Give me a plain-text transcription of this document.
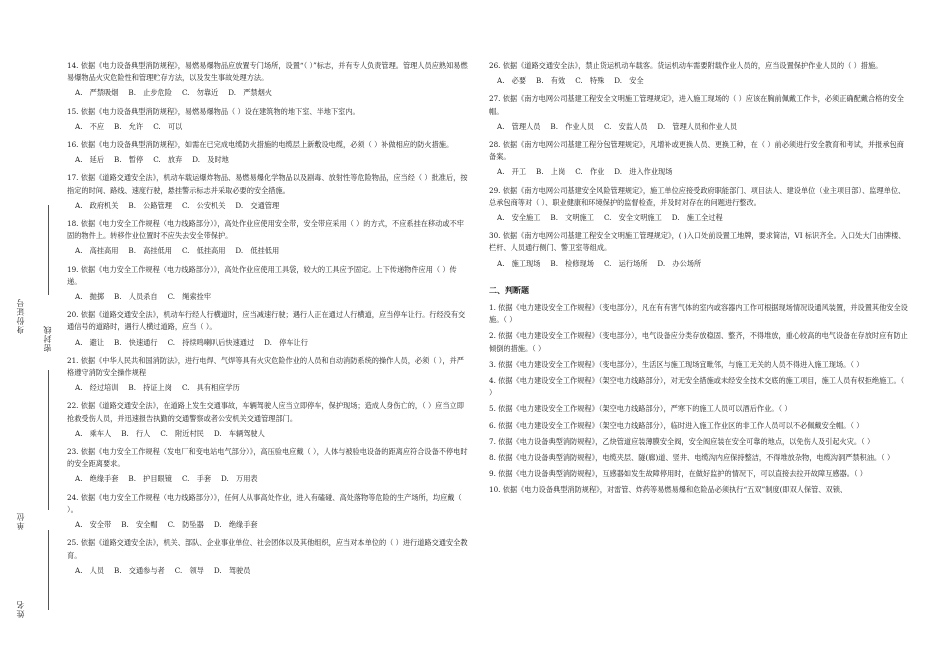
身份证号
密封线
单位
姓名
14. 依据《电力设备典型消防规程》，易燃易爆物品应放置专门场所，设置“（ ）”标志，并有专人负责管理。管理人员应熟知易燃易爆物品火灾危险性和管理贮存方法，以及发生事故处理方法。
A.　严禁吸烟 B.　止步危险 C.　勿靠近 D.　严禁烟火
15. 依据《电力设备典型消防规程》，易燃易爆物品（ ）设在建筑物的地下室、半地下室内。
A.　不应 B.　允许 C.　可以
16. 依据《电力设备典型消防规程》，如需在已完成电缆防火措施的电缆层上新敷设电缆，必须（ ）补做相应的防火措施。
A.　延后 B.　暂停 C.　放弃 D.　及时地
17. 依据《道路交通安全法》，机动车载运爆炸物品、易燃易爆化学物品以及剧毒、放射性等危险物品，应当经（ ）批准后，按指定的时间、路线、速度行驶，悬挂警示标志并采取必要的安全措施。
A.　政府机关 B.　公路管理 C.　公安机关 D.　交通管理
18. 依据《电力安全工作规程（电力线路部分）》，高处作业应使用安全带，安全带应采用（ ）的方式，不应系挂在移动或不牢固的物件上。转移作业位置时不应失去安全带保护。
A.　高挂高用 B.　高挂低用 C.　低挂高用 D.　低挂低用
19. 依据《电力安全工作规程（电力线路部分）》，高处作业应使用工具袋，较大的工具应予固定。上下传递物件应用（ ）传递。
A.　抛掷 B.　人员杀自 C.　绳索拴牢
20. 依据《道路交通安全法》，机动车行经人行横道时，应当减速行驶；遇行人正在通过人行横道，应当停车让行。行经没有交通信号的道路时，遇行人横过道路，应当（ ）。
A.　避让 B.　快速通行 C.　持续鸣喇叭后快速通过 D.　停车让行
21. 依据《中华人民共和国消防法》，进行电焊、气焊等具有火灾危险作业的人员和自动消防系统的操作人员，必须（ ），并严格遵守消防安全操作规程
A.　经过培训 B.　持证上岗 C.　具有相应学历
22. 依据《道路交通安全法》，在道路上发生交通事故，车辆驾驶人应当立即停车，保护现场；造成人身伤亡的，（ ）应当立即抢救受伤人员，并迅速报告执勤的交通警察或者公安机关交通管理部门。
A.　乘车人 B.　行人 C.　附近村民 D.　车辆驾驶人
23. 依据《电力安全工作规程（发电厂和变电站电气部分）》，高压验电应戴（ ），人体与被验电设备的距离应符合设备不停电时的安全距离要求。
A.　绝缘手套 B.　护目眼镜 C.　手套 D.　万用表
24. 依据《电力安全工作规程（电力线路部分）》，任何人从事高处作业，进入有磕碰、高处落物等危险的生产场所，均应戴（ ）。
A.　安全带 B.　安全帽 C.　防坠器 D.　绝缘手套
25. 依据《道路交通安全法》，机关、部队、企业事业单位、社会团体以及其他组织，应当对本单位的（ ）进行道路交通安全教育。
A.　人员 B.　交通参与者 C.　领导 D.　驾驶员
26. 依据《道路交通安全法》，禁止货运机动车载客。货运机动车需要附载作业人员的，应当设置保护作业人员的（ ）措施。
A.　必要 B.　有效 C.　特殊 D.　安全
27. 依据《南方电网公司基建工程安全文明施工管理规定》，进入施工现场的（ ）应该在胸前佩戴工作卡，必须正确配戴合格的安全帽。
A.　管理人员 B.　作业人员 C.　安监人员 D.　管理人员和作业人员
28. 依据《南方电网公司基建工程分包管理规定》，凡增补或更换人员、更换工种，在（ ）前必须进行安全教育和考试，并报承包商备案。
A.　开工 B.　上岗 C.　作业 D.　进入作业现场
29. 依据《南方电网公司基建安全风险管理规定》，施工单位应接受政府职能部门、项目法人、建设单位（业主项目部）、监理单位、总承包商等对（ ）、职业健康和环境保护的监督检查，并及时对存在的问题进行整改。
A.　安全施工 B.　文明施工 C.　安全文明施工 D.　施工全过程
30. 依据《南方电网公司基建工程安全文明施工管理规定》，( )入口处前设置工地牌，要求简洁，VI 标识齐全。入口处大门由牌楼、栏杆、人员通行侧门、警卫室等组成。
A.　施工现场 B.　检修现场 C.　运行场所 D.　办公场所
二、判断题
1. 依据《电力建设安全工作规程》（变电部分），凡在有有害气体的室内或容器内工作可根据现场情况设通风装置，并设置其他安全设施。（ ）
2. 依据《电力建设安全工作规程》（变电部分），电气设备应分类存放稳固、整齐，不得堆放，重心较高的电气设备在存放时应有防止倾倒的措施。（ ）
3. 依据《电力建设安全工作规程》（变电部分），生活区与施工现场宜毗邻，与施工无关的人员不得进入施工现场。（ ）
4. 依据《电力建设安全工作规程》（架空电力线路部分），对无安全措施或未经安全技术交底的施工项目，施工人员有权拒绝施工。（ ）
5. 依据《电力建设安全工作规程》（架空电力线路部分），严寒下的施工人员可以酒后作业。（ ）
6. 依据《电力建设安全工作规程》（架空电力线路部分），临时进入施工作业区的非工作人员可以不必佩戴安全帽。（ ）
7. 依据《电力设备典型消防规程》，乙炔管道应装薄膜安全阀，安全阀应装在安全可靠的地点，以免伤人及引起火灾。（ ）
8. 依据《电力设备典型消防规程》，电缆夹层、隧(廊)道、竖井、电缆沟内应保持整洁，不得堆放杂物，电缆沟洞严禁积油。（ ）
9. 依据《电力设备典型消防规程》，互感器如发生故障停用时，在做好监护的情况下，可以直接去拉开故障互感器。（ ）
10. 依据《电力设备典型消防规程》，对雷管、炸药等易燃易爆和危险品必须执行“五双”制度(即双人保管、双锁、
